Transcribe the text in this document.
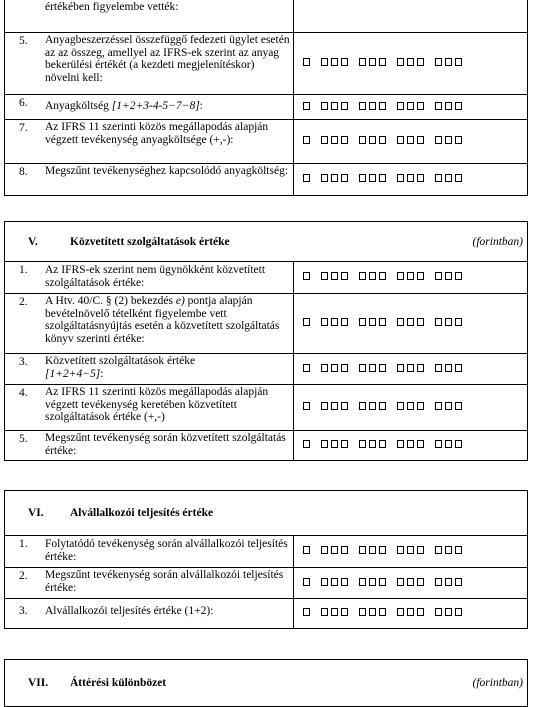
értékében figyelembe vették:
5.	Anyagbeszerzéssel összefüggő fedezeti ügylet esetén az az összeg, amellyel az IFRS-ek szerint az anyag bekerülési értékét (a kezdeti megjelenítéskor) növelni kell:
6.	Anyagköltség [1+2+3-4-5−7−8]:
7.	Az IFRS 11 szerinti közös megállapodás alapján végzett tevékenység anyagköltsége (+,-):
8.	Megszűnt tevékenységhez kapcsolódó anyagköltség:
V.	Közvetített szolgáltatások értéke	(forintban)
1.	Az IFRS-ek szerint nem ügynökként közvetített szolgáltatások értéke:
2.	A Htv. 40/C. § (2) bekezdés e) pontja alapján bevételnövelő tételként figyelembe vett szolgáltatásnyújtás esetén a közvetített szolgáltatás könyv szerinti értéke:
3.	Közvetített szolgáltatások értéke
[1+2+4−5]:
4.	Az IFRS 11 szerinti közös megállapodás alapján végzett tevékenység keretében közvetített szolgáltatások értéke (+,-)
5.	Megszűnt tevékenység során közvetített szolgáltatás értéke:
VI.	Alvállalkozói teljesítés értéke
1.	Folytatódó tevékenység során alvállalkozói teljesítés értéke:
2.	Megszűnt tevékenység során alvállalkozói teljesítés értéke:
3.	Alvállalkozói teljesítés értéke (1+2):
VII.	Áttérési különbözet	(forintban)
